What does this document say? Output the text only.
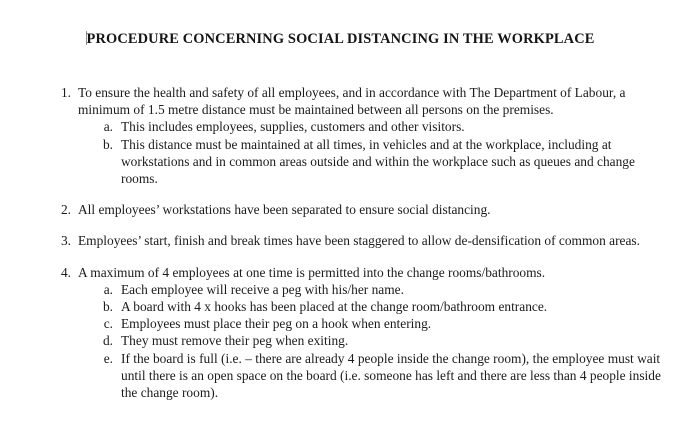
PROCEDURE CONCERNING SOCIAL DISTANCING IN THE WORKPLACE
1. To ensure the health and safety of all employees, and in accordance with The Department of Labour, a minimum of 1.5 metre distance must be maintained between all persons on the premises.
a. This includes employees, supplies, customers and other visitors.
b. This distance must be maintained at all times, in vehicles and at the workplace, including at workstations and in common areas outside and within the workplace such as queues and change rooms.
2. All employees’ workstations have been separated to ensure social distancing.
3. Employees’ start, finish and break times have been staggered to allow de-densification of common areas.
4. A maximum of 4 employees at one time is permitted into the change rooms/bathrooms.
a. Each employee will receive a peg with his/her name.
b. A board with 4 x hooks has been placed at the change room/bathroom entrance.
c. Employees must place their peg on a hook when entering.
d. They must remove their peg when exiting.
e. If the board is full (i.e. – there are already 4 people inside the change room), the employee must wait until there is an open space on the board (i.e. someone has left and there are less than 4 people inside the change room).
